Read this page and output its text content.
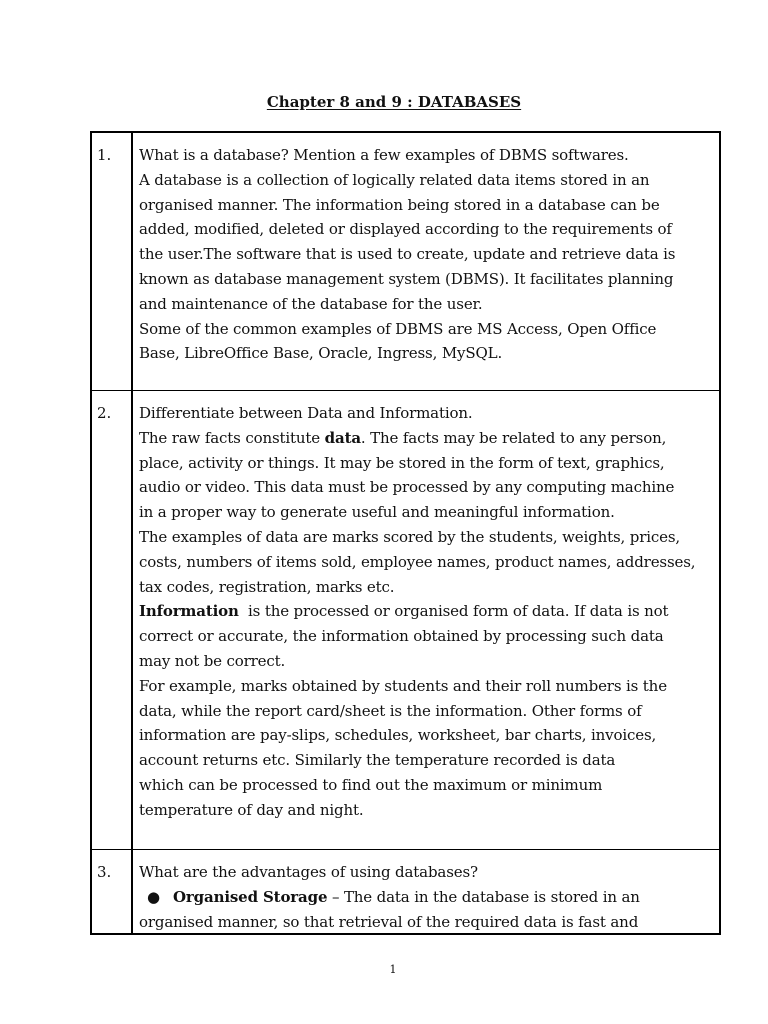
Chapter 8 and 9 : DATABASES
1. What is a database? Mention a few examples of DBMS softwares.
A database is a collection of logically related data items stored in an
organised manner. The information being stored in a database can be
added, modified, deleted or displayed according to the requirements of
the user.The software that is used to create, update and retrieve data is
known as database management system (DBMS). It facilitates planning
and maintenance of the database for the user.
Some of the common examples of DBMS are MS Access, Open Office
Base, LibreOffice Base, Oracle, Ingress, MySQL.
2. Differentiate between Data and Information.
The raw facts constitute data. The facts may be related to any person,
place, activity or things. It may be stored in the form of text, graphics,
audio or video. This data must be processed by any computing machine
in a proper way to generate useful and meaningful information.
The examples of data are marks scored by the students, weights, prices,
costs, numbers of items sold, employee names, product names, addresses,
tax codes, registration, marks etc.
Information  is the processed or organised form of data. If data is not
correct or accurate, the information obtained by processing such data
may not be correct.
For example, marks obtained by students and their roll numbers is the
data, while the report card/sheet is the information. Other forms of
information are pay-slips, schedules, worksheet, bar charts, invoices,
account returns etc. Similarly the temperature recorded is data
which can be processed to find out the maximum or minimum
temperature of day and night.
3. What are the advantages of using databases?
● Organised Storage – The data in the database is stored in an
organised manner, so that retrieval of the required data is fast and
1
